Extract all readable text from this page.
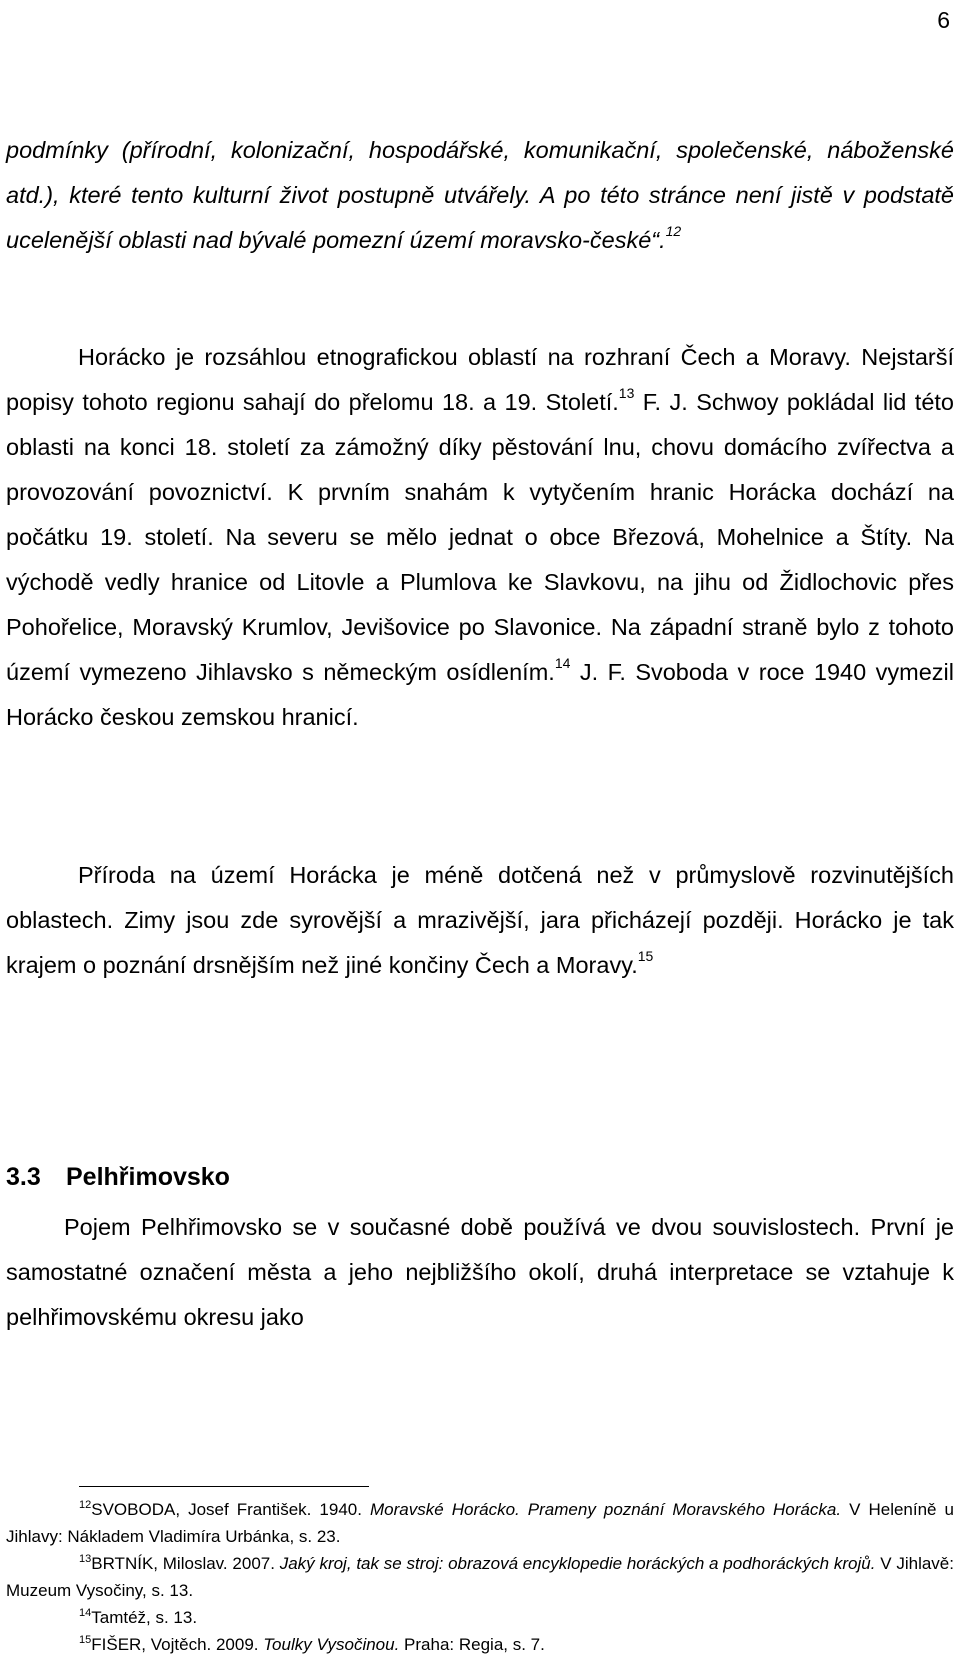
6

podmínky (přírodní, kolonizační, hospodářské, komunikační, společenské, náboženské atd.), které tento kulturní život postupně utvářely. A po této stránce není jistě v podstatě ucelenější oblasti nad bývalé pomezní území moravsko-české“.$^{12}$

Horácko je rozsáhlou etnografickou oblastí na rozhraní Čech a Moravy. Nejstarší popisy tohoto regionu sahají do přelomu 18. a 19. Století.$^{13}$ F. J. Schwoy pokládal lid této oblasti na konci 18. století za zámožný díky pěstování lnu, chovu domácího zvířectva a provozování povoznictví. K prvním snahám k vytyčením hranic Horácka dochází na počátku 19. století. Na severu se mělo jednat o obce Březová, Mohelnice a Štíty. Na východě vedly hranice od Litovle a Plumlova ke Slavkovu, na jihu od Židlochovic přes Pohořelice, Moravský Krumlov, Jevišovice po Slavonice. Na západní straně bylo z tohoto území vymezeno Jihlavsko s německým osídlením.$^{14}$ J. F. Svoboda v roce 1940 vymezil Horácko českou zemskou hranicí.

Příroda na území Horácka je méně dotčená než v průmyslově rozvinutějších oblastech. Zimy jsou zde syrovější a mrazivější, jara přicházejí později. Horácko je tak krajem o poznání drsnějším než jiné končiny Čech a Moravy.$^{15}$

3.3 Pelhřimovsko

Pojem Pelhřimovsko se v současné době používá ve dvou souvislostech. První je samostatné označení města a jeho nejbližšího okolí, druhá interpretace se vztahuje k pelhřimovskému okresu jako

$^{12}$SVOBODA, Josef František. 1940. Moravské Horácko. Prameny poznání Moravského Horácka. V Heleníně u Jihlavy: Nákladem Vladimíra Urbánka, s. 23.

$^{13}$BRTNÍK, Miloslav. 2007. Jaký kroj, tak se stroj: obrazová encyklopedie horáckých a podhoráckých krojů. V Jihlavě: Muzeum Vysočiny, s. 13.

$^{14}$Tamtéž, s. 13.

$^{15}$FIŠER, Vojtěch. 2009. Toulky Vysočinou. Praha: Regia, s. 7.
